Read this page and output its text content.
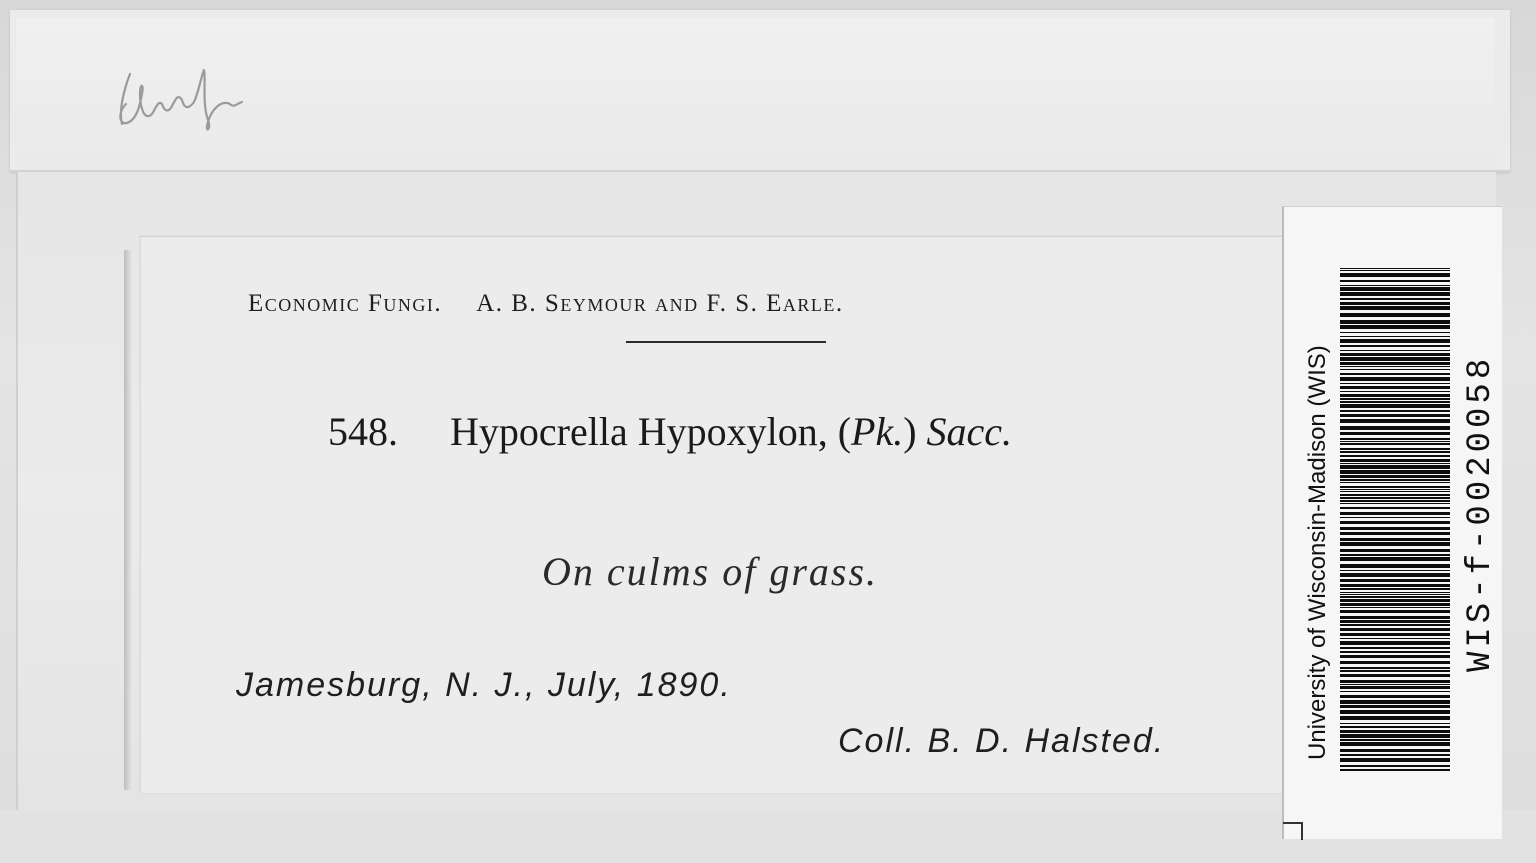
Economic Fungi. A. B. Seymour and F. S. Earle.
548. Hypocrella Hypoxylon, (Pk.) Sacc.
On culms of grass.
Jamesburg, N. J., July, 1890.
Coll. B. D. Halsted.	University of Wisconsin-Madison (WIS)	WIS-f-0020058
